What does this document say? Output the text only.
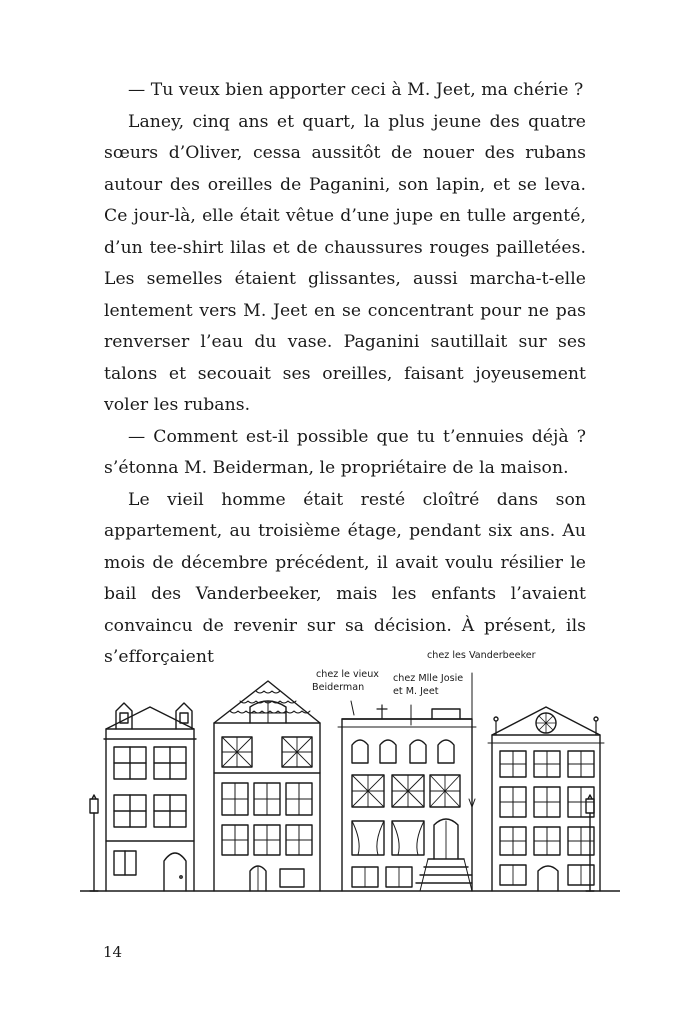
— Tu veux bien apporter ceci à M. Jeet, ma chérie ?

Laney, cinq ans et quart, la plus jeune des quatre sœurs d’Oliver, cessa aussitôt de nouer des rubans autour des oreilles de Paganini, son lapin, et se leva. Ce jour-là, elle était vêtue d’une jupe en tulle argenté, d’un tee-shirt lilas et de chaussures rouges pailletées. Les semelles étaient glissantes, aussi marcha-t-elle lentement vers M. Jeet en se concentrant pour ne pas renverser l’eau du vase. Paganini sautillait sur ses talons et secouait ses oreilles, faisant joyeusement voler les rubans.

— Comment est-il possible que tu t’ennuies déjà ? s’étonna M. Beiderman, le propriétaire de la maison.

Le vieil homme était resté cloîtré dans son appartement, au troisième étage, pendant six ans. Au mois de décembre précédent, il avait voulu résilier le bail des Vanderbeeker, mais les enfants l’avaient convaincu de revenir sur sa décision. À présent, ils s’efforçaient

chez le vieux
Beiderman
chez Mlle Josie
et M. Jeet
chez les Vanderbeeker
14
